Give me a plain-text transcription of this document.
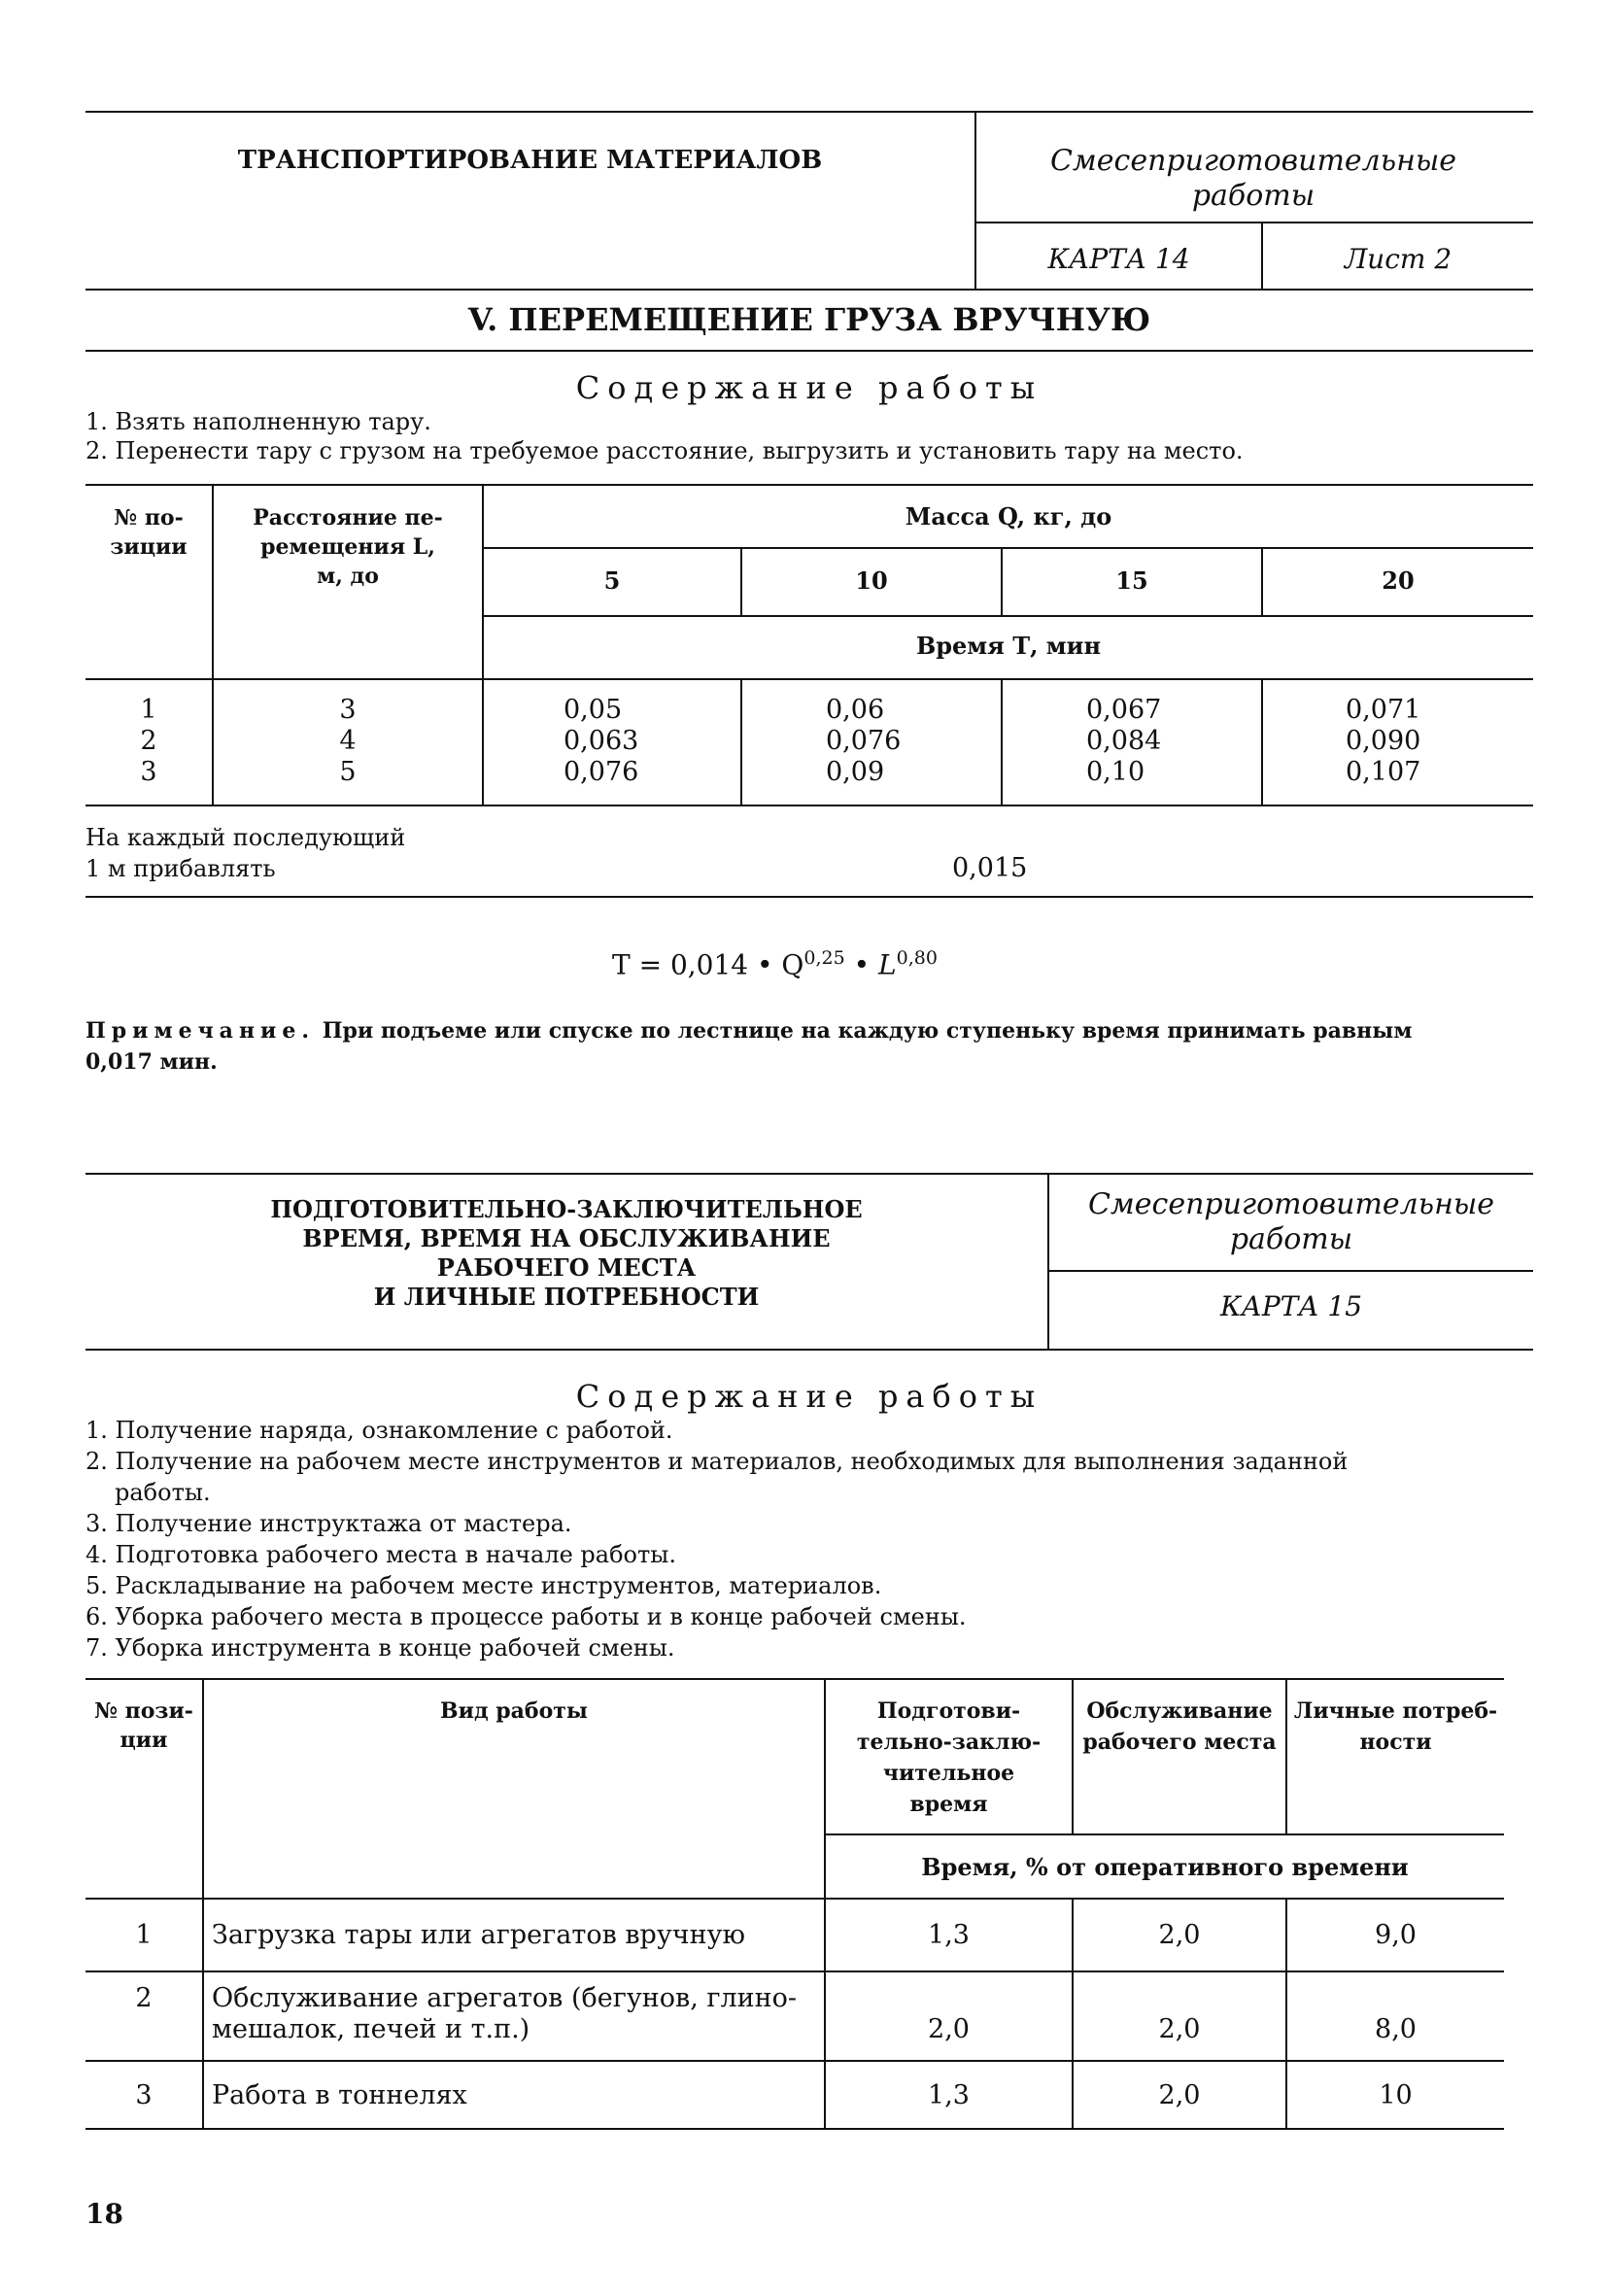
ТРАНСПОРТИРОВАНИЕ МАТЕРИАЛОВ	Смесеприготовительные
работы
КАРТА 14	Лист 2
V. ПЕРЕМЕЩЕНИЕ ГРУЗА ВРУЧНУЮ
Содержание работы
1. Взять наполненную тару.
2. Перенести тару с грузом на требуемое расстояние, выгрузить и установить тару на место.
№ по-
зиции
Расстояние пе-
ремещения L,
м, до
Масса Q, кг, до
5	10	15	20
Время Т, мин
1	3	0,05	0,06	0,067	0,071
2	4	0,063	0,076	0,084	0,090
3	5	0,076	0,09	0,10	0,107
На каждый последующий
1 м прибавлять	0,015
T = 0,014 • Q$^{0,25}$ • L$^{0,80}$
Примечание. При подъеме или спуске по лестнице на каждую ступеньку время принимать равным
0,017 мин.
ПОДГОТОВИТЕЛЬНО-ЗАКЛЮЧИТЕЛЬНОЕ
ВРЕМЯ, ВРЕМЯ НА ОБСЛУЖИВАНИЕ
РАБОЧЕГО МЕСТА
И ЛИЧНЫЕ ПОТРЕБНОСТИ
Смесеприготовительные
работы
КАРТА 15
Содержание работы
1. Получение наряда, ознакомление с работой.
2. Получение на рабочем месте инструментов и материалов, необходимых для выполнения заданной
работы.
3. Получение инструктажа от мастера.
4. Подготовка рабочего места в начале работы.
5. Раскладывание на рабочем месте инструментов, материалов.
6. Уборка рабочего места в процессе работы и в конце рабочей смены.
7. Уборка инструмента в конце рабочей смены.
№ пози-
ции
Вид работы	Подготови-
тельно-заклю-
чительное
время
Обслуживание
рабочего места
Личные потреб-
ности
Время, % от оперативного времени
1	Загрузка тары или агрегатов вручную	1,3	2,0	9,0
2	Обслуживание агрегатов (бегунов, глино-
мешалок, печей и т.п.)	2,0	2,0	8,0
3	Работа в тоннелях	1,3	2,0	10
18
